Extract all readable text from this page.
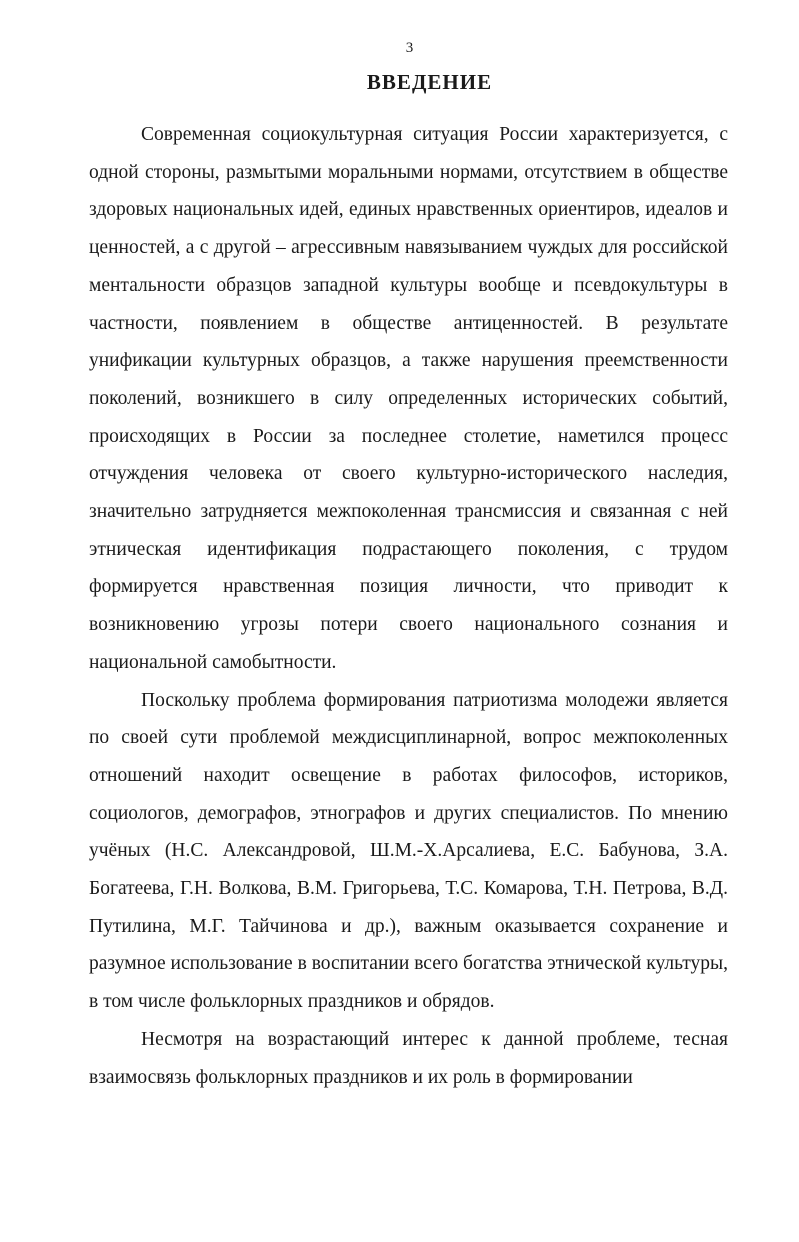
3
ВВЕДЕНИЕ

Современная социокультурная ситуация России характеризуется, с одной стороны, размытыми моральными нормами, отсутствием в обществе здоровых национальных идей, единых нравственных ориентиров, идеалов и ценностей, а с другой – агрессивным навязыванием чуждых для российской ментальности образцов западной культуры вообще и псевдокультуры в частности, появлением в обществе антиценностей. В результате унификации культурных образцов, а также нарушения преемственности поколений, возникшего в силу определенных исторических событий, происходящих в России за последнее столетие, наметился процесс отчуждения человека от своего культурно-исторического наследия, значительно затрудняется межпоколенная трансмиссия и связанная с ней этническая идентификация подрастающего поколения, с трудом формируется нравственная позиция личности, что приводит к возникновению угрозы потери своего национального сознания и национальной самобытности.

Поскольку проблема формирования патриотизма молодежи является по своей сути проблемой междисциплинарной, вопрос межпоколенных отношений находит освещение в работах философов, историков, социологов, демографов, этнографов и других специалистов. По мнению учёных (Н.С. Александровой, Ш.М.-Х.Арсалиева, Е.С. Бабунова, З.А. Богатеева, Г.Н. Волкова, В.М. Григорьева, Т.С. Комарова, Т.Н. Петрова, В.Д. Путилина, М.Г. Тайчинова и др.), важным оказывается сохранение и разумное использование в воспитании всего богатства этнической культуры, в том числе фольклорных праздников и обрядов.

Несмотря на возрастающий интерес к данной проблеме, тесная взаимосвязь фольклорных праздников и их роль в формировании
